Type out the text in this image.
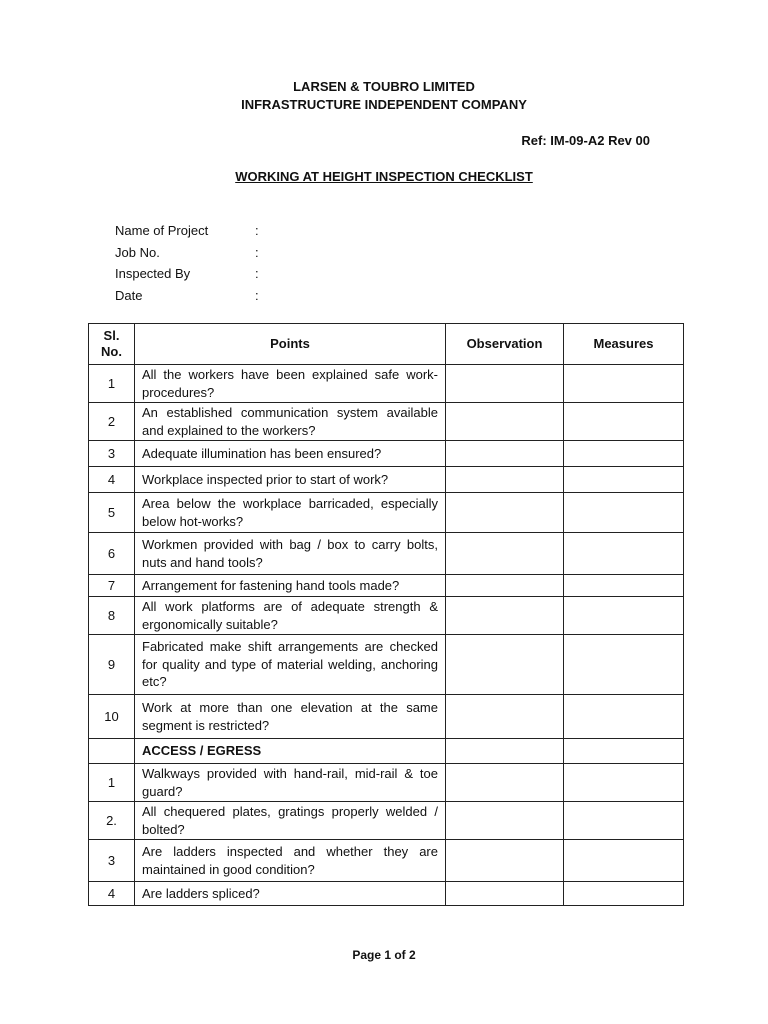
LARSEN & TOUBRO LIMITED
INFRASTRUCTURE INDEPENDENT COMPANY
Ref: IM-09-A2 Rev 00
WORKING AT HEIGHT INSPECTION CHECKLIST
Name of Project	:
Job No.	:
Inspected By	:
Date	:
Sl. No.	Points	Observation	Measures
1	All the workers have been explained safe work-procedures?		
2	An established communication system available and explained to the workers?		
3	Adequate illumination has been ensured?		
4	Workplace inspected prior to start of work?		
5	Area below the workplace barricaded, especially below hot-works?		
6	Workmen provided with bag / box to carry bolts, nuts and hand tools?		
7	Arrangement for fastening hand tools made?		
8	All work platforms are of adequate strength & ergonomically suitable?		
9	Fabricated make shift arrangements are checked for quality and type of material welding, anchoring etc?		
10	Work at more than one elevation at the same segment is restricted?		
	ACCESS / EGRESS		
1	Walkways provided with hand-rail, mid-rail & toe guard?		
2.	All chequered plates, gratings properly welded / bolted?		
3	Are ladders inspected and whether they are maintained in good condition?		
4	Are ladders spliced?		
Page 1 of 2
